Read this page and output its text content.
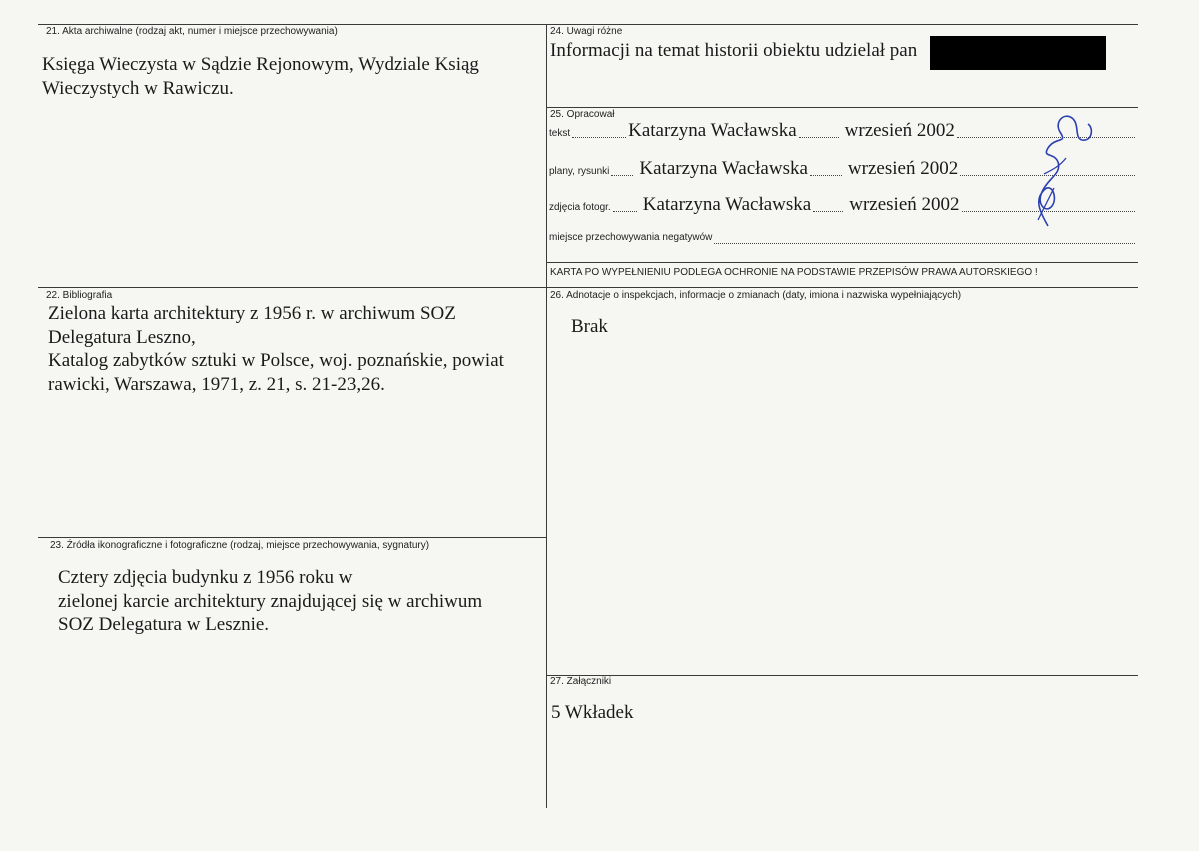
21. Akta archiwalne (rodzaj akt, numer i miejsce przechowywania)
Księga Wieczysta w Sądzie Rejonowym, Wydziale Ksiąg
Wieczystych w Rawiczu.
22. Bibliografia
Zielona karta architektury z 1956 r. w archiwum SOZ
Delegatura Leszno,
Katalog zabytków sztuki w Polsce, woj. poznańskie, powiat
rawicki, Warszawa, 1971, z. 21, s. 21-23,26.
23. Źródła ikonograficzne i fotograficzne (rodzaj, miejsce przechowywania, sygnatury)
Cztery zdjęcia budynku z 1956 roku w
zielonej karcie architektury znajdującej się w archiwum
SOZ Delegatura w Lesznie.
24. Uwagi różne
Informacji na temat historii obiektu udzielał pan
25. Opracował
tekst	Katarzyna Wacławska	wrzesień 2002
plany, rysunki Katarzyna Wacławska wrzesień 2002
zdjęcia fotogr. Katarzyna Wacławska wrzesień 2002
miejsce przechowywania negatywów
KARTA PO WYPEŁNIENIU PODLEGA OCHRONIE NA PODSTAWIE PRZEPISÓW PRAWA AUTORSKIEGO !
26. Adnotacje o inspekcjach, informacje o zmianach (daty, imiona i nazwiska wypełniających)
Brak
27. Załączniki
5 Wkładek
